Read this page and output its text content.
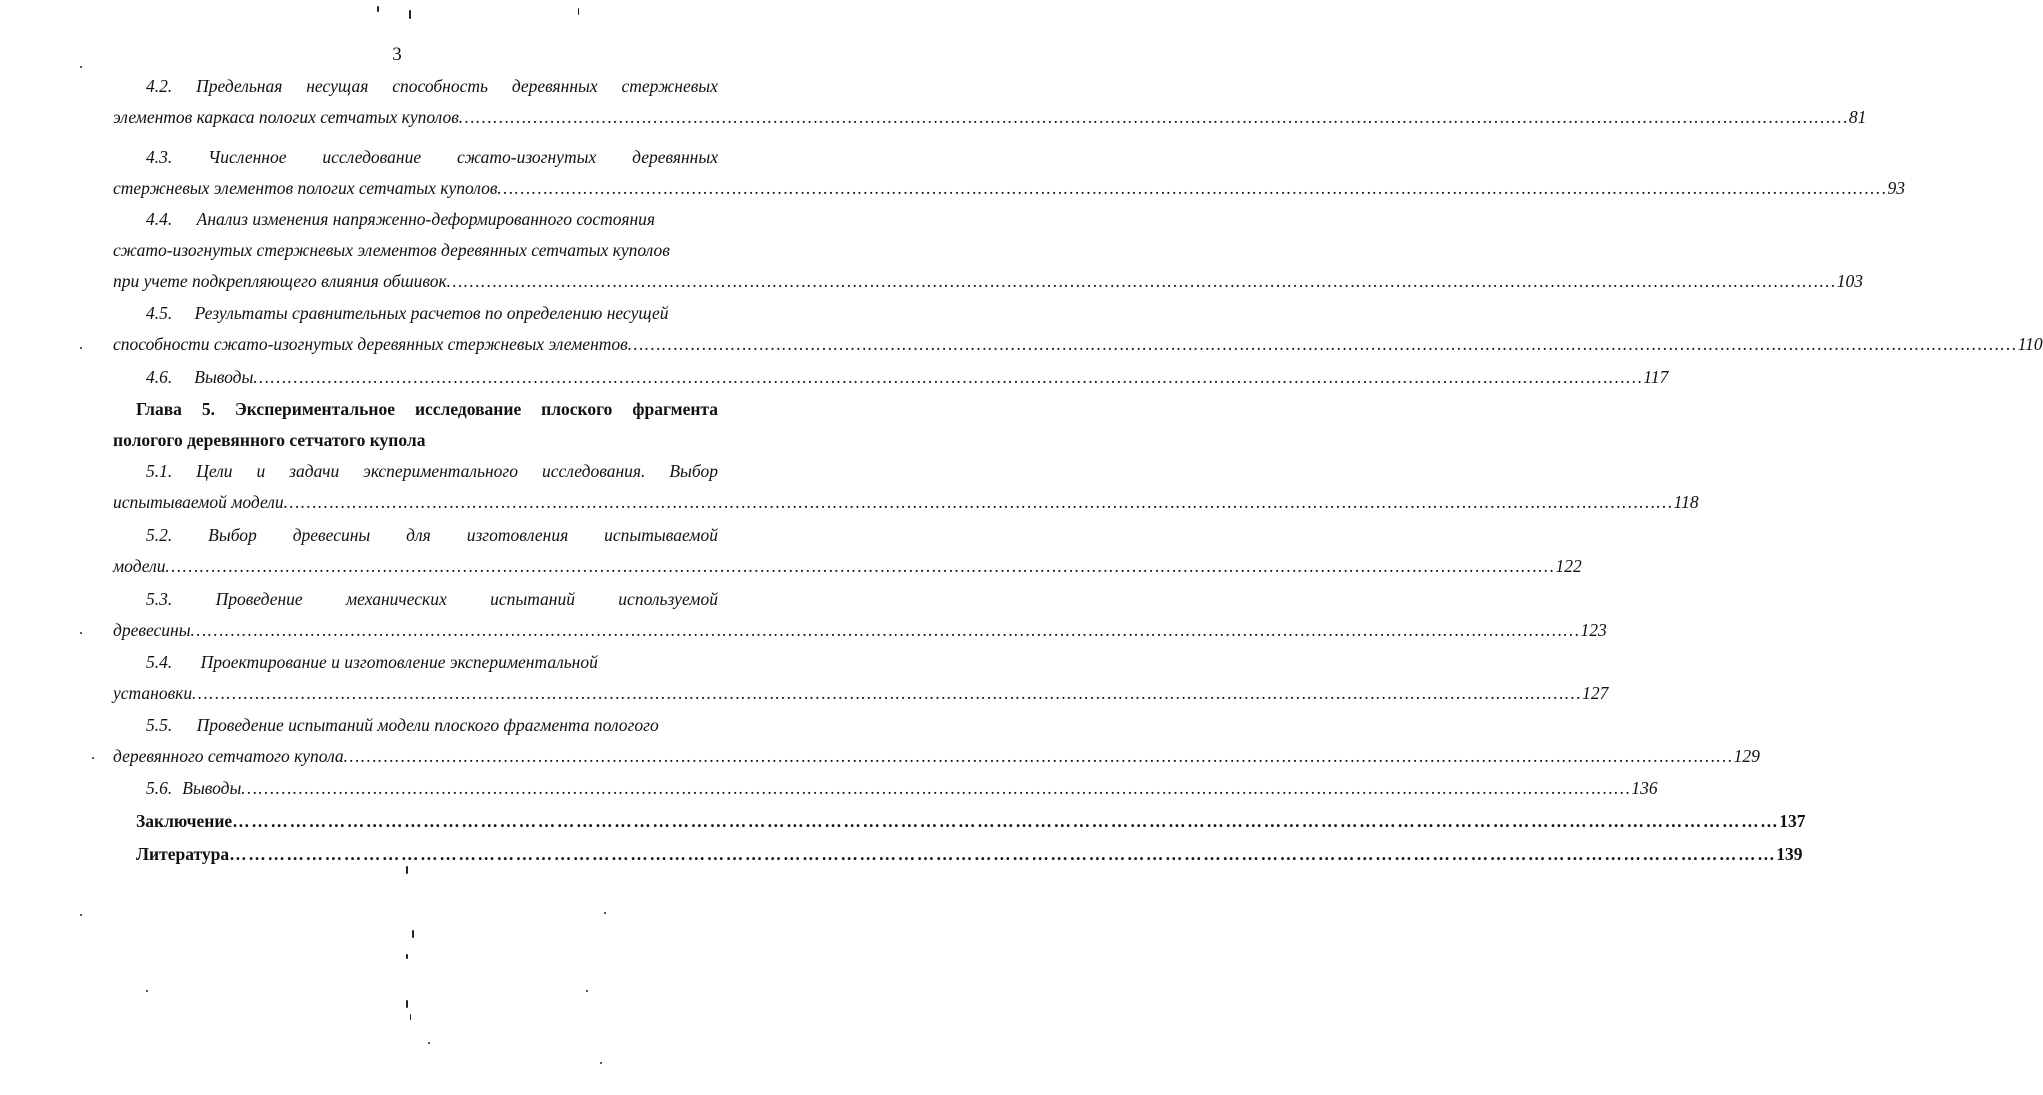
3
4.2. Предельная несущая способность деревянных стержневых
элементов каркаса пологих сетчатых куполов ……………………………………………………………………………………………………………………………………………………………………………………………………………………… 81
4.3. Численное исследование сжато-изогнутых деревянных
стержневых элементов пологих сетчатых куполов ……………………………………………………………………………………………………………………………………………………………………………………………………………………… 93
4.4. Анализ изменения напряженно-деформированного состояния
сжато-изогнутых стержневых элементов деревянных сетчатых куполов
при учете подкрепляющего влияния обшивок ……………………………………………………………………………………………………………………………………………………………………………………………………………………… 103
4.5. Результаты сравнительных расчетов по определению несущей
способности сжато-изогнутых деревянных стержневых элементов ……………………………………………………………………………………………………………………………………………………………………………………………………………………… 110
4.6. Выводы ……………………………………………………………………………………………………………………………………………………………………………………………………………………… 117
Глава 5. Экспериментальное исследование плоского фрагмента
пологого деревянного сетчатого купола
5.1. Цели и задачи экспериментального исследования. Выбор
испытываемой модели ……………………………………………………………………………………………………………………………………………………………………………………………………………………… 118
5.2. Выбор древесины для изготовления испытываемой
модели ……………………………………………………………………………………………………………………………………………………………………………………………………………………… 122
5.3. Проведение механических испытаний используемой
древесины ……………………………………………………………………………………………………………………………………………………………………………………………………………………… 123
5.4. Проектирование и изготовление экспериментальной
установки ……………………………………………………………………………………………………………………………………………………………………………………………………………………… 127
5.5. Проведение испытаний модели плоского фрагмента пологого
деревянного сетчатого купола ……………………………………………………………………………………………………………………………………………………………………………………………………………………… 129
5.6. Выводы ……………………………………………………………………………………………………………………………………………………………………………………………………………………… 136
Заключение ……………………………………………………………………………………………………………………………………………………………………………………………………………………… 137
Литература ……………………………………………………………………………………………………………………………………………………………………………………………………………………… 139
